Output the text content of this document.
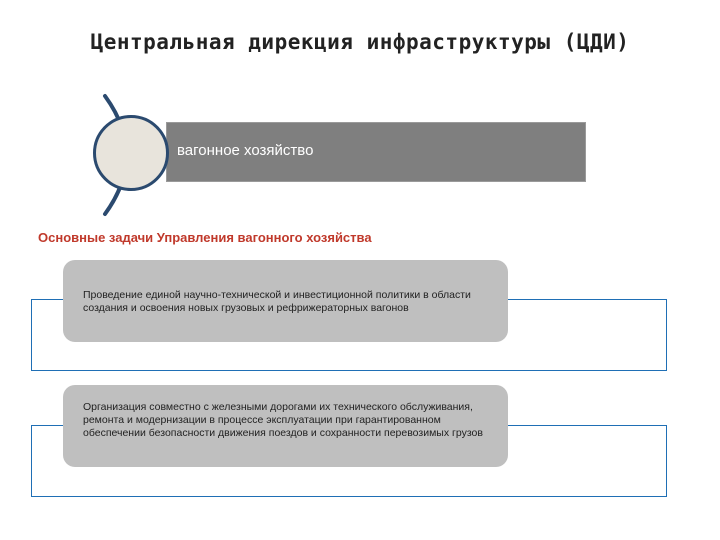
Центральная дирекция инфраструктуры (ЦДИ)
вагонное хозяйство
Основные задачи Управления вагонного хозяйства
Проведение единой научно-технической и инвестиционной политики в области создания и освоения новых грузовых и рефрижераторных вагонов
Организация совместно с железными дорогами их технического обслуживания, ремонта и модернизации в процессе эксплуатации при гарантированном обеспечении безопасности движения поездов и сохранности перевозимых грузов
